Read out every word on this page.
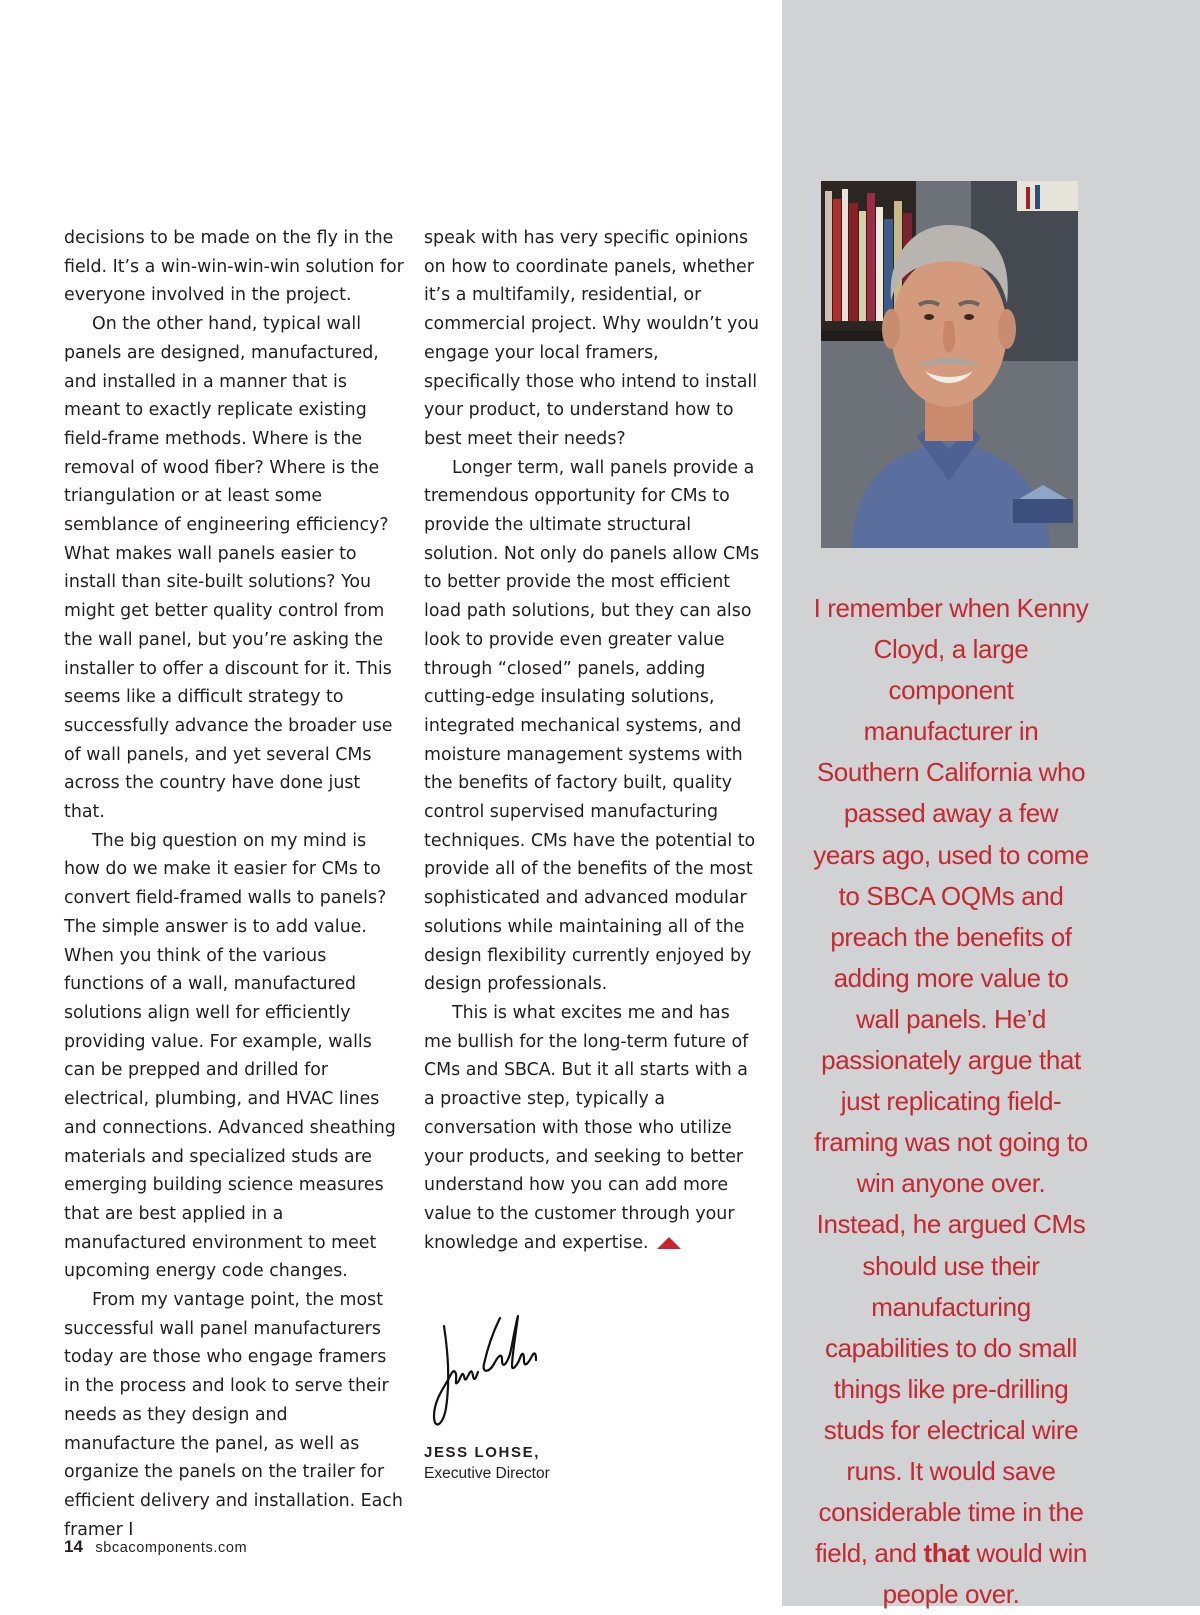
decisions to be made on the fly in the field. It’s a win-win-win-win solution for everyone involved in the project.

On the other hand, typical wall panels are designed, manufactured, and installed in a manner that is meant to exactly replicate existing field-frame methods. Where is the removal of wood fiber? Where is the triangulation or at least some semblance of engineering efficiency? What makes wall panels easier to install than site-built solutions? You might get better quality control from the wall panel, but you’re asking the installer to offer a discount for it. This seems like a difficult strategy to successfully advance the broader use of wall panels, and yet several CMs across the country have done just that.

The big question on my mind is how do we make it easier for CMs to convert field-framed walls to panels? The simple answer is to add value. When you think of the various functions of a wall, manufactured solutions align well for efficiently providing value. For example, walls can be prepped and drilled for electrical, plumbing, and HVAC lines and connections. Advanced sheathing materials and specialized studs are emerging building science measures that are best applied in a manufactured environment to meet upcoming energy code changes.

From my vantage point, the most successful wall panel manufacturers today are those who engage framers in the process and look to serve their needs as they design and manufacture the panel, as well as organize the panels on the trailer for efficient delivery and installation. Each framer I

speak with has very specific opinions on how to coordinate panels, whether it’s a multifamily, residential, or commercial project. Why wouldn’t you engage your local framers, specifically those who intend to install your product, to understand how to best meet their needs?

Longer term, wall panels provide a tremendous opportunity for CMs to provide the ultimate structural solution. Not only do panels allow CMs to better provide the most efficient load path solutions, but they can also look to provide even greater value through “closed” panels, adding cutting-edge insulating solutions, integrated mechanical systems, and moisture management systems with the benefits of factory built, quality control supervised manufacturing techniques. CMs have the potential to provide all of the benefits of the most sophisticated and advanced modular solutions while maintaining all of the design flexibility currently enjoyed by design professionals.

This is what excites me and has me bullish for the long-term future of CMs and SBCA. But it all starts with a a proactive step, typically a conversation with those who utilize your products, and seeking to better understand how you can add more value to the customer through your knowledge and expertise.

JESS LOHSE,
Executive Director
14 sbcacomponents.com
I remember when Kenny Cloyd, a large component manufacturer in Southern California who passed away a few years ago, used to come to SBCA OQMs and preach the benefits of adding more value to wall panels. He’d passionately argue that just replicating field-framing was not going to win anyone over. Instead, he argued CMs should use their manufacturing capabilities to do small things like pre-drilling studs for electrical wire runs. It would save considerable time in the field, and that would win people over.
